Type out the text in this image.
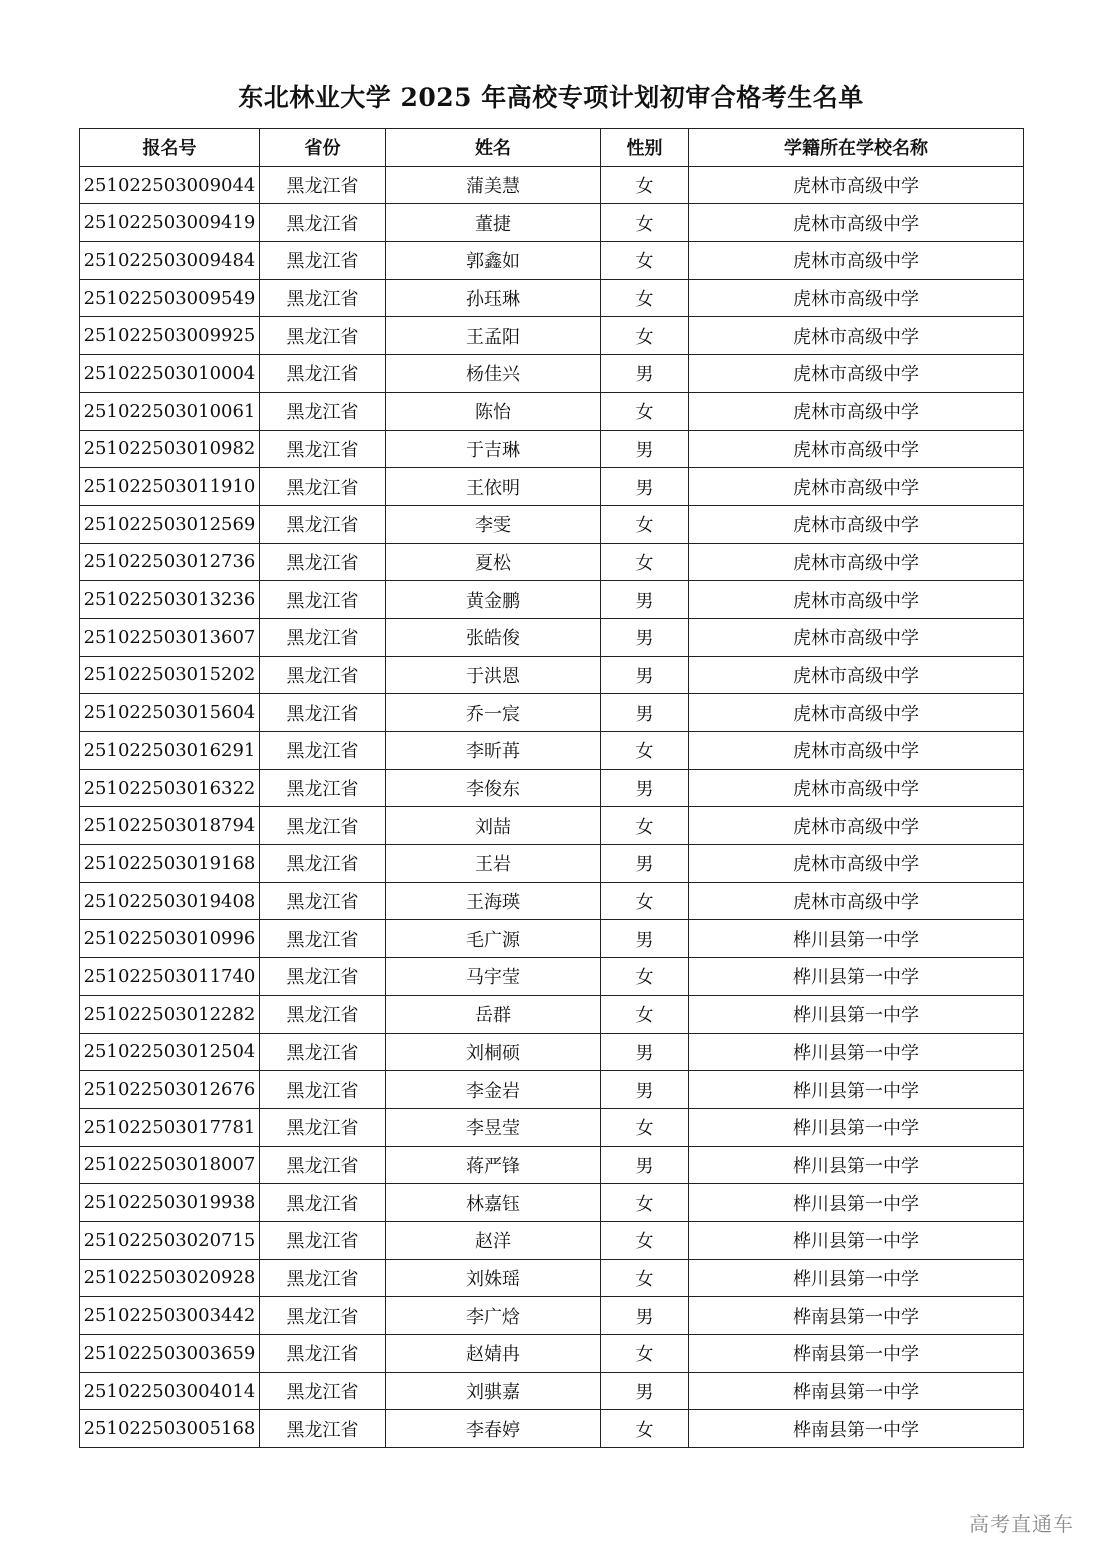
东北林业大学 2025 年高校专项计划初审合格考生名单
报名号	省份	姓名	性别	学籍所在学校名称
251022503009044	黑龙江省	蒲美慧	女	虎林市高级中学
251022503009419	黑龙江省	董捷	女	虎林市高级中学
251022503009484	黑龙江省	郭鑫如	女	虎林市高级中学
251022503009549	黑龙江省	孙珏琳	女	虎林市高级中学
251022503009925	黑龙江省	王孟阳	女	虎林市高级中学
251022503010004	黑龙江省	杨佳兴	男	虎林市高级中学
251022503010061	黑龙江省	陈怡	女	虎林市高级中学
251022503010982	黑龙江省	于吉琳	男	虎林市高级中学
251022503011910	黑龙江省	王依明	男	虎林市高级中学
251022503012569	黑龙江省	李雯	女	虎林市高级中学
251022503012736	黑龙江省	夏松	女	虎林市高级中学
251022503013236	黑龙江省	黄金鹏	男	虎林市高级中学
251022503013607	黑龙江省	张皓俊	男	虎林市高级中学
251022503015202	黑龙江省	于洪恩	男	虎林市高级中学
251022503015604	黑龙江省	乔一宸	男	虎林市高级中学
251022503016291	黑龙江省	李昕苒	女	虎林市高级中学
251022503016322	黑龙江省	李俊东	男	虎林市高级中学
251022503018794	黑龙江省	刘喆	女	虎林市高级中学
251022503019168	黑龙江省	王岩	男	虎林市高级中学
251022503019408	黑龙江省	王海瑛	女	虎林市高级中学
251022503010996	黑龙江省	毛广源	男	桦川县第一中学
251022503011740	黑龙江省	马宇莹	女	桦川县第一中学
251022503012282	黑龙江省	岳群	女	桦川县第一中学
251022503012504	黑龙江省	刘桐硕	男	桦川县第一中学
251022503012676	黑龙江省	李金岩	男	桦川县第一中学
251022503017781	黑龙江省	李昱莹	女	桦川县第一中学
251022503018007	黑龙江省	蒋严锋	男	桦川县第一中学
251022503019938	黑龙江省	林嘉钰	女	桦川县第一中学
251022503020715	黑龙江省	赵洋	女	桦川县第一中学
251022503020928	黑龙江省	刘姝瑶	女	桦川县第一中学
251022503003442	黑龙江省	李广焓	男	桦南县第一中学
251022503003659	黑龙江省	赵婧冉	女	桦南县第一中学
251022503004014	黑龙江省	刘骐嘉	男	桦南县第一中学
251022503005168	黑龙江省	李春婷	女	桦南县第一中学
高考直通车
